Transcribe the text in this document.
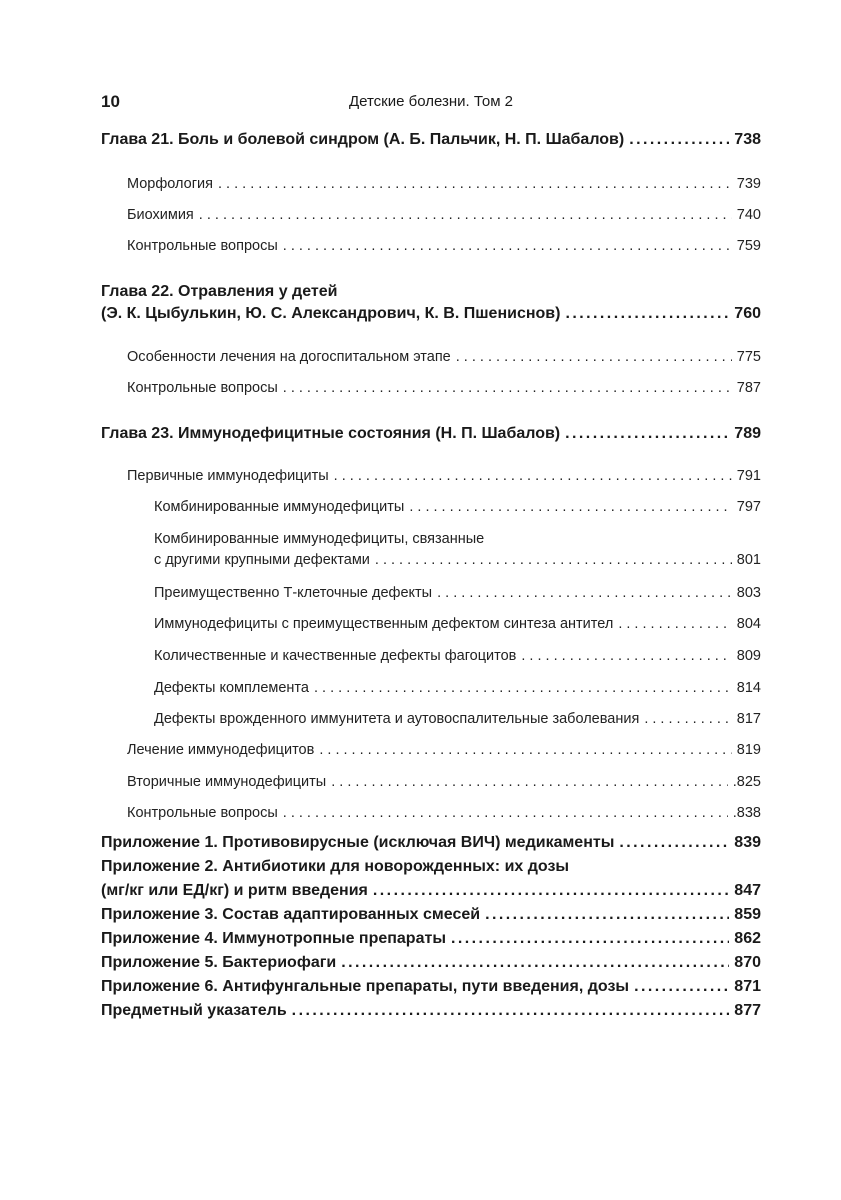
10	Детские болезни. Том 2
Глава 21. Боль и болевой синдром (А. Б. Пальчик, Н. П. Шабалов) . . .	738
Морфология . . .	739
Биохимия . . .	740
Контрольные вопросы . . .	759
Глава 22. Отравления у детей
(Э. К. Цыбулькин, Ю. С. Александрович, К. В. Пшениснов) . . .	760
Особенности лечения на догоспитальном этапе . . .	775
Контрольные вопросы . . .	787
Глава 23. Иммунодефицитные состояния (Н. П. Шабалов) . . .	789
Первичные иммунодефициты . . .	791
Комбинированные иммунодефициты . . .	797
Комбинированные иммунодефициты, связанные
с другими крупными дефектами . . .	801
Преимущественно Т-клеточные дефекты . . .	803
Иммунодефициты с преимущественным дефектом синтеза антител . . .	804
Количественные и качественные дефекты фагоцитов . . .	809
Дефекты комплемента . . .	814
Дефекты врожденного иммунитета и аутовоспалительные заболевания . . .	817
Лечение иммунодефицитов . . .	819
Вторичные иммунодефициты . . .	.825
Контрольные вопросы . . .	.838
Приложение 1. Противовирусные (исключая ВИЧ) медикаменты . . .	839
Приложение 2. Антибиотики для новорожденных: их дозы
(мг/кг или ЕД/кг) и ритм введения . . .	847
Приложение 3. Состав адаптированных смесей . . .	859
Приложение 4. Иммунотропные препараты . . .	862
Приложение 5. Бактериофаги . . .	870
Приложение 6. Антифунгальные препараты, пути введения, дозы . . .	871
Предметный указатель . . .	877
